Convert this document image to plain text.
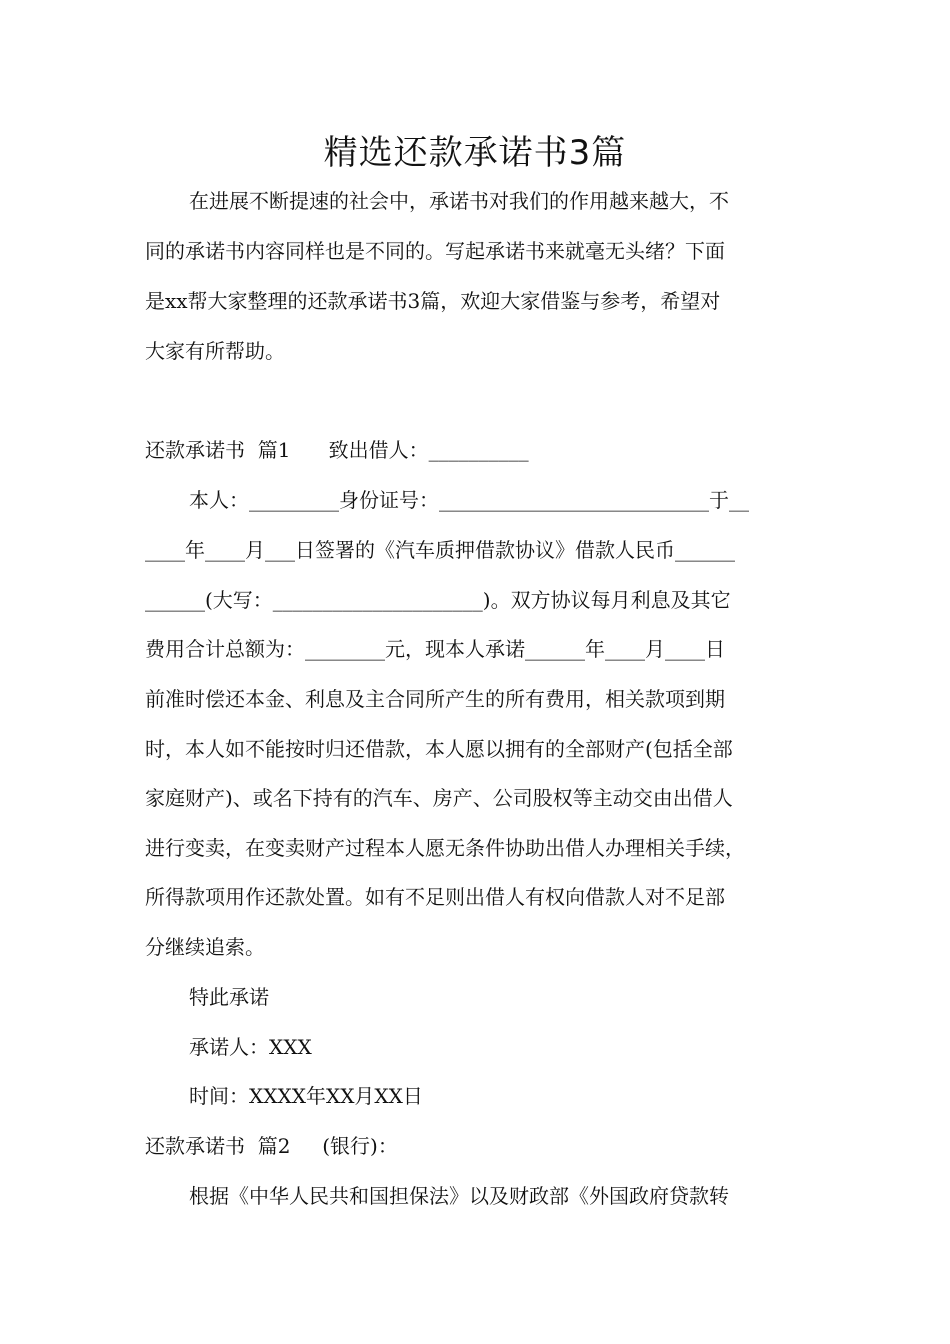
精选还款承诺书3篇

在进展不断提速的社会中，承诺书对我们的作用越来越大，不

同的承诺书内容同样也是不同的。写起承诺书来就毫无头绪？下面

是xx帮大家整理的还款承诺书3篇，欢迎大家借鉴与参考，希望对

大家有所帮助。

还款承诺书  篇1      致出借人：__________

本人：_________身份证号：___________________________于__

____年____月___日签署的《汽车质押借款协议》借款人民币______

______(大写：_____________________)。双方协议每月利息及其它

费用合计总额为：________元，现本人承诺______年____月____日

前准时偿还本金、利息及主合同所产生的所有费用，相关款项到期

时，本人如不能按时归还借款，本人愿以拥有的全部财产(包括全部

家庭财产)、或名下持有的汽车、房产、公司股权等主动交由出借人

进行变卖，在变卖财产过程本人愿无条件协助出借人办理相关手续，

所得款项用作还款处置。如有不足则出借人有权向借款人对不足部

分继续追索。

特此承诺

承诺人：XXX

时间：XXXX年XX月XX日

还款承诺书  篇2     (银行)：

根据《中华人民共和国担保法》以及财政部《外国政府贷款转
